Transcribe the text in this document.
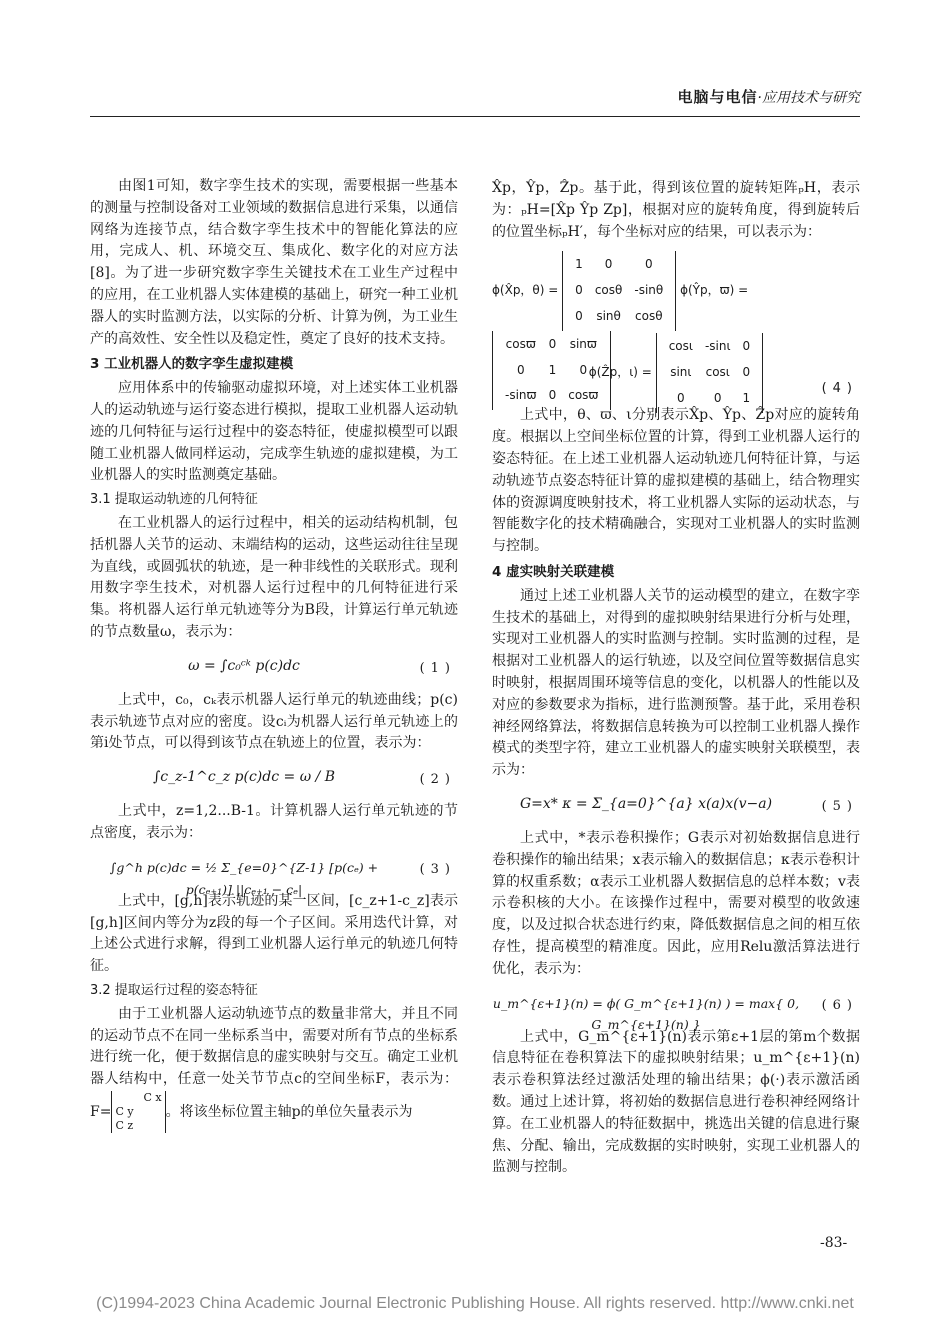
电脑与电信·应用技术与研究

由图1可知，数字孪生技术的实现，需要根据一些基本的测量与控制设备对工业领域的数据信息进行采集，以通信网络为连接节点，结合数字孪生技术中的智能化算法的应用，完成人、机、环境交互、集成化、数字化的对应方法[8]。为了进一步研究数字孪生关键技术在工业生产过程中的应用，在工业机器人实体建模的基础上，研究一种工业机器人的实时监测方法，以实际的分析、计算为例，为工业生产的高效性、安全性以及稳定性，奠定了良好的技术支持。

3 工业机器人的数字孪生虚拟建模

应用体系中的传输驱动虚拟环境，对上述实体工业机器人的运动轨迹与运行姿态进行模拟，提取工业机器人运动轨迹的几何特征与运行过程中的姿态特征，使虚拟模型可以跟随工业机器人做同样运动，完成孪生轨迹的虚拟建模，为工业机器人的实时监测奠定基础。

3.1 提取运动轨迹的几何特征

在工业机器人的运行过程中，相关的运动结构机制，包括机器人关节的运动、末端结构的运动，这些运动往往呈现为直线，或圆弧状的轨迹，是一种非线性的关联形式。现利用数字孪生技术，对机器人运行过程中的几何特征进行采集。将机器人运行单元轨迹等分为B段，计算运行单元轨迹的节点数量ω，表示为：

ω = ∫c₀ᶜᵏ p(c)dc	(1)

上式中，c₀，cₖ表示机器人运行单元的轨迹曲线；p(c)表示轨迹节点对应的密度。设cᵢ为机器人运行单元轨迹上的第i处节点，可以得到该节点在轨迹上的位置，表示为：

∫c_z-1^c_z p(c)dc = ω / B	(2)

上式中，z=1,2...B-1。计算机器人运行单元轨迹的节点密度，表示为：

∫g^h p(c)dc = ½ Σ_{e=0}^{Z-1} [p(cₑ) + p(cₑ₊₁)] ||cₑ₊₁ − cₑ|
(3)

上式中，[g,h]表示轨迹的某一区间，[c_z+1-c_z]表示[g,h]区间内等分为z段的每一个子区间。采用迭代计算，对上述公式进行求解，得到工业机器人运行单元的轨迹几何特征。

3.2 提取运行过程的姿态特征

由于工业机器人运动轨迹节点的数量非常大，并且不同的运动节点不在同一坐标系当中，需要对所有节点的坐标系进行统一化，便于数据信息的虚实映射与交互。确定工业机器人结构中，任意一处关节节点c的空间坐标F，表示为：F=C x
C y
C z。将该坐标位置主轴p的单位矢量表示为

X̂p，Ŷp，Ẑp。基于此，得到该位置的旋转矩阵ₚH，表示为：ₚH=[X̂p Ŷp Zp]，根据对应的旋转角度，得到旋转后的位置坐标ₚH′，每个坐标对应的结果，可以表示为：

ϕ(X̂p，θ) =
1	0	0
0	cosθ	-sinθ
0	sinθ	cosθ
ϕ(Ŷp，ϖ) =
cosϖ	0	sinϖ
0	1	0
-sinϖ	0	cosϖ
ϕ(Ẑp，ι) =
cosι	-sinι	0
sinι	cosι	0
0	0	1
(4)

上式中，θ、ϖ、ι分别表示X̂p、Ŷp、Ẑp对应的旋转角度。根据以上空间坐标位置的计算，得到工业机器人运行的姿态特征。在上述工业机器人运动轨迹几何特征计算，与运动轨迹节点姿态特征计算的虚拟建模的基础上，结合物理实体的资源调度映射技术，将工业机器人实际的运动状态，与智能数字化的技术精确融合，实现对工业机器人的实时监测与控制。

4 虚实映射关联建模

通过上述工业机器人关节的运动模型的建立，在数字孪生技术的基础上，对得到的虚拟映射结果进行分析与处理，实现对工业机器人的实时监测与控制。实时监测的过程，是根据对工业机器人的运行轨迹，以及空间位置等数据信息实时映射，根据周围环境等信息的变化，以机器人的性能以及对应的参数要求为指标，进行监测预警。基于此，采用卷积神经网络算法，将数据信息转换为可以控制工业机器人操作模式的类型字符，建立工业机器人的虚实映射关联模型，表示为：

G=x* κ = Σ_{a=0}^{a} x(a)x(v−a)	(5)

上式中，*表示卷积操作；G表示对初始数据信息进行卷积操作的输出结果；x表示输入的数据信息；κ表示卷积计算的权重系数；α表示工业机器人数据信息的总样本数；v表示卷积核的大小。在该操作过程中，需要对模型的收敛速度，以及过拟合状态进行约束，降低数据信息之间的相互依存性，提高模型的精准度。因此，应用Relu激活算法进行优化，表示为：

u_m^{ε+1}(n) = ϕ( G_m^{ε+1}(n) ) = max{ 0, G_m^{ε+1}(n) }
(6)

上式中，G_m^{ε+1}(n)表示第ε+1层的第m个数据信息特征在卷积算法下的虚拟映射结果；u_m^{ε+1}(n)表示卷积算法经过激活处理的输出结果；ϕ(·)表示激活函数。通过上述计算，将初始的数据信息进行卷积神经网络计算。在工业机器人的特征数据中，挑选出关键的信息进行聚焦、分配、输出，完成数据的实时映射，实现工业机器人的监测与控制。

-83-
(C)1994-2023 China Academic Journal Electronic Publishing House. All rights reserved. http://www.cnki.net
